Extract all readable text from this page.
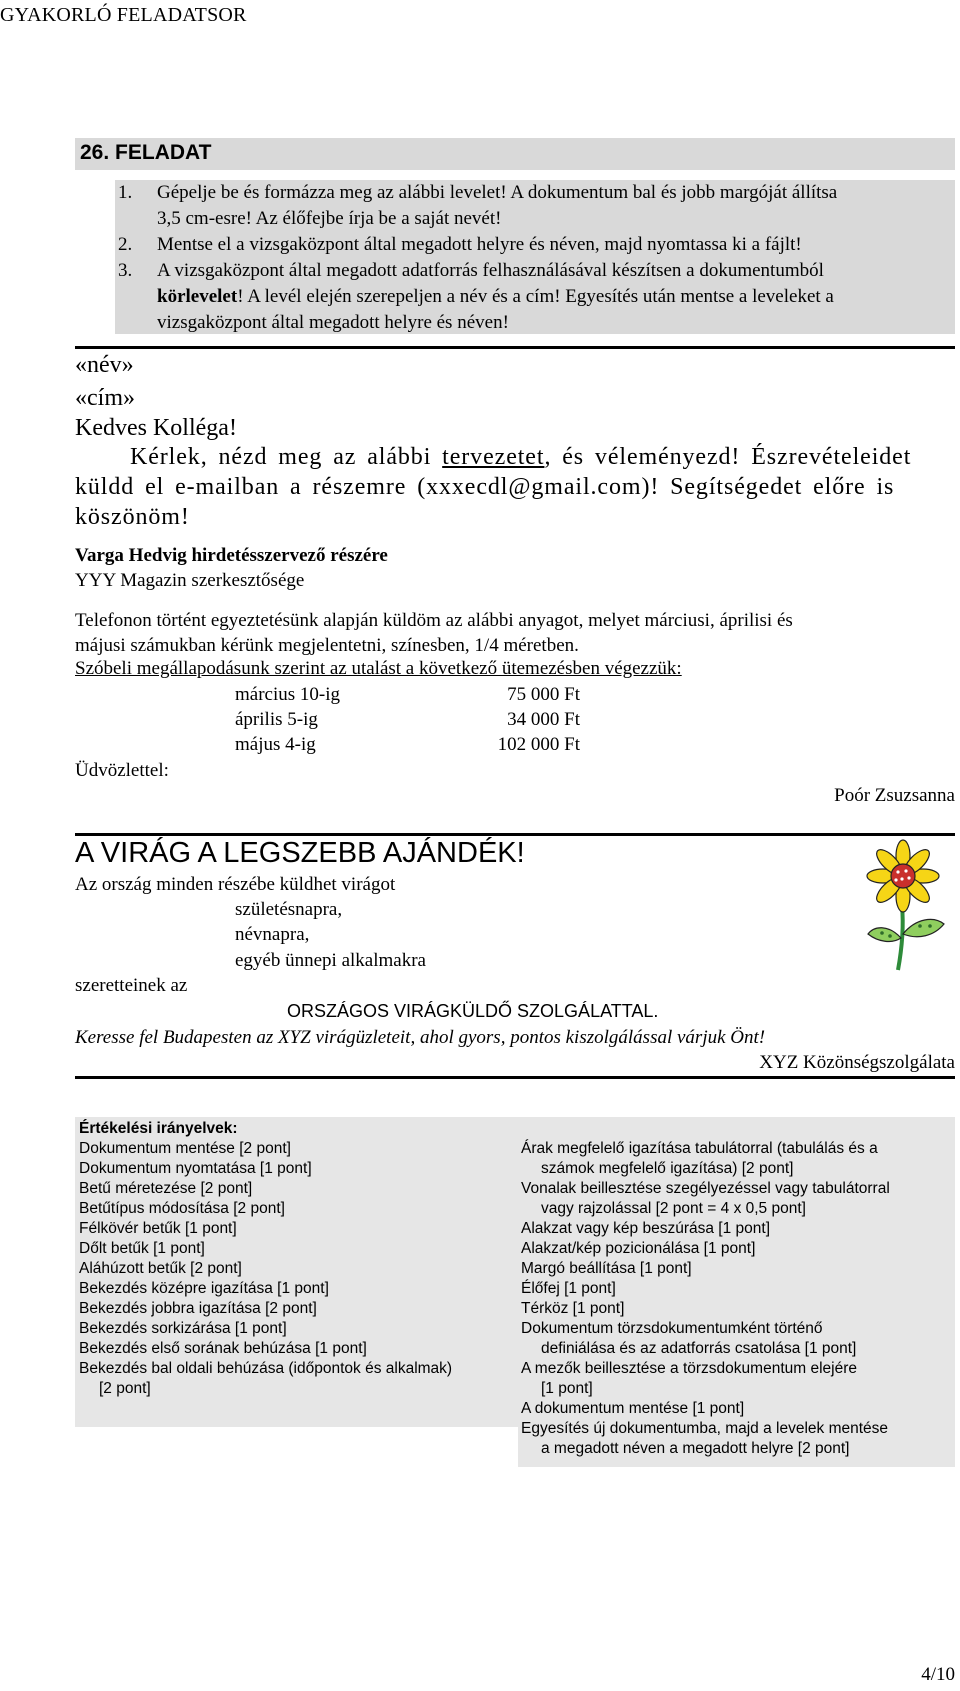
GYAKORLÓ FELADATSOR
26. FELADAT
1. Gépelje be és formázza meg az alábbi levelet! A dokumentum bal és jobb margóját állítsa
3,5 cm-esre! Az élőfejbe írja be a saját nevét!
2. Mentse el a vizsgaközpont által megadott helyre és néven, majd nyomtassa ki a fájlt!
3. A vizsgaközpont által megadott adatforrás felhasználásával készítsen a dokumentumból
körlevelet! A levél elején szerepeljen a név és a cím! Egyesítés után mentse a leveleket a
vizsgaközpont által megadott helyre és néven!
«név»
«cím»
Kedves Kolléga!
Kérlek, nézd meg az alábbi tervezetet, és véleményezd! Észrevételeidet
küldd el e-mailban a részemre (xxxecdl@gmail.com)! Segítségedet előre is
köszönöm!
Varga Hedvig hirdetésszervező részére
YYY Magazin szerkesztősége
Telefonon történt egyeztetésünk alapján küldöm az alábbi anyagot, melyet márciusi, áprilisi és
májusi számukban kérünk megjelentetni, színesben, 1/4 méretben.
Szóbeli megállapodásunk szerint az utalást a következő ütemezésben végezzük:
március 10-ig	75 000 Ft
április 5-ig	34 000 Ft
május 4-ig	102 000 Ft
Üdvözlettel:
Poór Zsuzsanna
A VIRÁG A LEGSZEBB AJÁNDÉK!
Az ország minden részébe küldhet virágot
születésnapra,
névnapra,
egyéb ünnepi alkalmakra
szeretteinek az
ORSZÁGOS VIRÁGKÜLDŐ SZOLGÁLATTAL.
Keresse fel Budapesten az XYZ virágüzleteit, ahol gyors, pontos kiszolgálással várjuk Önt!
XYZ Közönségszolgálata
Értékelési irányelvek:
Dokumentum mentése [2 pont]
Dokumentum nyomtatása [1 pont]
Betű méretezése [2 pont]
Betűtípus módosítása [2 pont]
Félkövér betűk [1 pont]
Dőlt betűk [1 pont]
Aláhúzott betűk [2 pont]
Bekezdés középre igazítása [1 pont]
Bekezdés jobbra igazítása [2 pont]
Bekezdés sorkizárása [1 pont]
Bekezdés első sorának behúzása [1 pont]
Bekezdés bal oldali behúzása (időpontok és alkalmak)
[2 pont]
Árak megfelelő igazítása tabulátorral (tabulálás és a
számok megfelelő igazítása) [2 pont]
Vonalak beillesztése szegélyezéssel vagy tabulátorral
vagy rajzolással [2 pont = 4 x 0,5 pont]
Alakzat vagy kép beszúrása [1 pont]
Alakzat/kép pozicionálása [1 pont]
Margó beállítása [1 pont]
Élőfej [1 pont]
Térköz [1 pont]
Dokumentum törzsdokumentumként történő
definiálása és az adatforrás csatolása [1 pont]
A mezők beillesztése a törzsdokumentum elejére
[1 pont]
A dokumentum mentése [1 pont]
Egyesítés új dokumentumba, majd a levelek mentése
a megadott néven a megadott helyre [2 pont]
4/10
